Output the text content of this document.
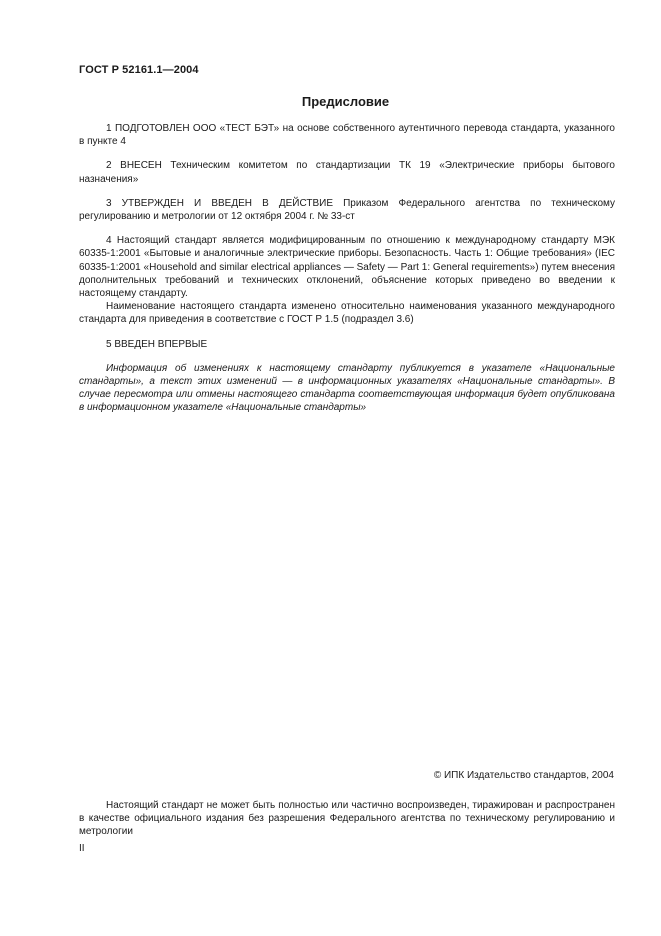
ГОСТ Р 52161.1—2004
Предисловие

1 ПОДГОТОВЛЕН ООО «ТЕСТ БЭТ» на основе собственного аутентичного перевода стандарта, указанного в пункте 4

2 ВНЕСЕН Техническим комитетом по стандартизации ТК 19 «Электрические приборы бытового назначения»

3 УТВЕРЖДЕН И ВВЕДЕН В ДЕЙСТВИЕ Приказом Федерального агентства по техническому регулированию и метрологии от 12 октября 2004 г. № 33-ст

4 Настоящий стандарт является модифицированным по отношению к международному стандарту МЭК 60335-1:2001 «Бытовые и аналогичные электрические приборы. Безопасность. Часть 1: Общие требования» (IEC 60335-1:2001 «Household and similar electrical appliances — Safety — Part 1: General requirements») путем внесения дополнительных требований и технических отклонений, объяснение которых приведено во введении к настоящему стандарту.

Наименование настоящего стандарта изменено относительно наименования указанного международного стандарта для приведения в соответствие с ГОСТ Р 1.5 (подраздел 3.6)

5 ВВЕДЕН ВПЕРВЫЕ

Информация об изменениях к настоящему стандарту публикуется в указателе «Национальные стандарты», а текст этих изменений — в информационных указателях «Национальные стандарты». В случае пересмотра или отмены настоящего стандарта соответствующая информация будет опубликована в информационном указателе «Национальные стандарты»

© ИПК Издательство стандартов, 2004

Настоящий стандарт не может быть полностью или частично воспроизведен, тиражирован и распространен в качестве официального издания без разрешения Федерального агентства по техническому регулированию и метрологии

II
